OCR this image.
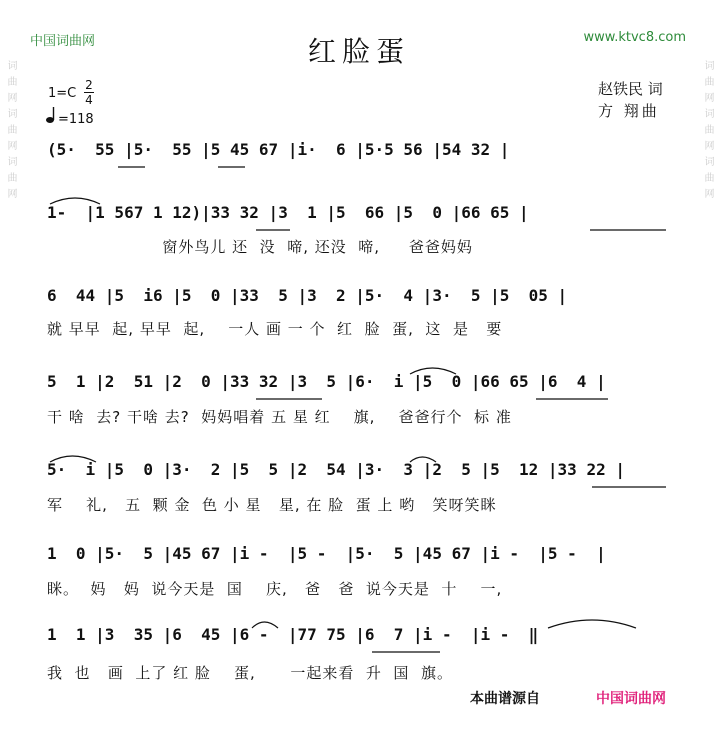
中国词曲网	www.ktvc8.com
红脸蛋
赵铁民 词
方 翔曲
1=C
2
4
=118
(5·  55 |5·  55 |5 45 67 |i·  6 |5·5 56 |54 32 |
1-  |1 567 1 12)|33 32 |3  1 |5  66 |5  0 |66 65 |
窗外鸟儿 还  没  啼, 还没  啼,     爸爸妈妈
6  44 |5  i6 |5  0 |33  5 |3  2 |5·  4 |3·  5 |5  05 |
就 早早  起, 早早  起,    一人 画 一 个  红  脸  蛋,  这  是   要
5  1 |2  51 |2  0 |33 32 |3  5 |6·  i |5  0 |66 65 |6  4 |
干 啥  去? 干啥 去?  妈妈唱着 五 星 红    旗,    爸爸行个  标 准
5·  i |5  0 |3·  2 |5  5 |2  54 |3·  3 |2  5 |5  12 |33 22 |
军    礼,   五  颗 金  色 小 星   星, 在 脸  蛋 上 哟   笑呀笑眯
1  0 |5·  5 |45 67 |i -  |5 -  |5·  5 |45 67 |i -  |5 -  |
眯。  妈   妈  说今天是  国    庆,   爸   爸  说今天是  十    一,
1  1 |3  35 |6  45 |6 -  |77 75 |6  7 |i -  |i -  ‖
我  也   画  上了 红 脸    蛋,      一起来看  升  国  旗。
词曲网词曲网词曲网	词曲网词曲网词曲网
本曲谱源自	中国词曲网
